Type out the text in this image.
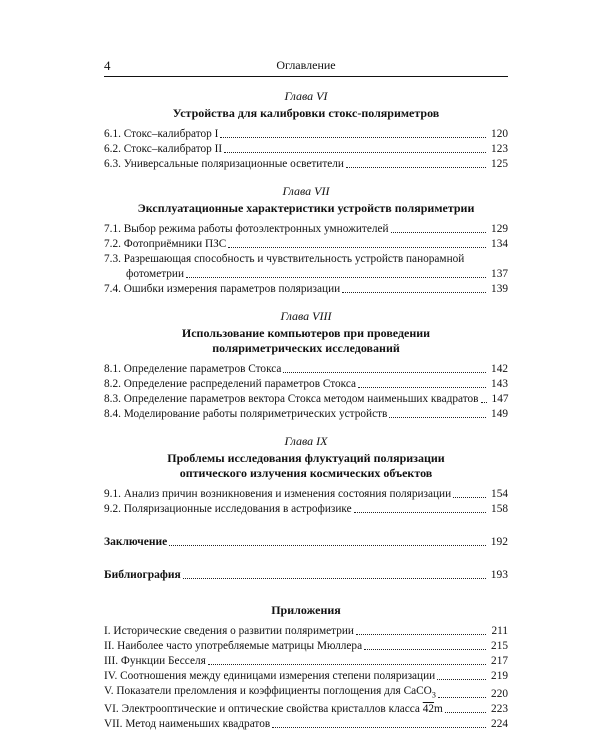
4	Оглавление
Глава VI
Устройства для калибровки стокс-поляриметров
6.1. Стокс–калибратор I	120
6.2. Стокс–калибратор II	123
6.3. Универсальные поляризационные осветители	125
Глава VII
Эксплуатационные характеристики устройств поляриметрии
7.1. Выбор режима работы фотоэлектронных умножителей	129
7.2. Фотоприёмники ПЗС	134
7.3. Разрешающая способность и чувствительность устройств панорамной
фотометрии	137
7.4. Ошибки измерения параметров поляризации	139
Глава VIII
Использование компьютеров при проведении
поляриметрических исследований
8.1. Определение параметров Стокса	142
8.2. Определение распределений параметров Стокса	143
8.3. Определение параметров вектора Стокса методом наименьших квадратов 147
8.4. Моделирование работы поляриметрических устройств	149
Глава IX
Проблемы исследования флуктуаций поляризации
оптического излучения космических объектов
9.1. Анализ причин возникновения и изменения состояния поляризации	154
9.2. Поляризационные исследования в астрофизике	158
Заключение	192
Библиография	193
Приложения
I. Исторические сведения о развитии поляриметрии	211
II. Наиболее часто употребляемые матрицы Мюллера	215
III. Функции Бесселя	217
IV. Соотношения между единицами измерения степени поляризации	219
V. Показатели преломления и коэффициенты поглощения для CaCO$_3$	220
VI. Электрооптические и оптические свойства кристаллов класса 42m	223
VII. Метод наименьших квадратов	224
